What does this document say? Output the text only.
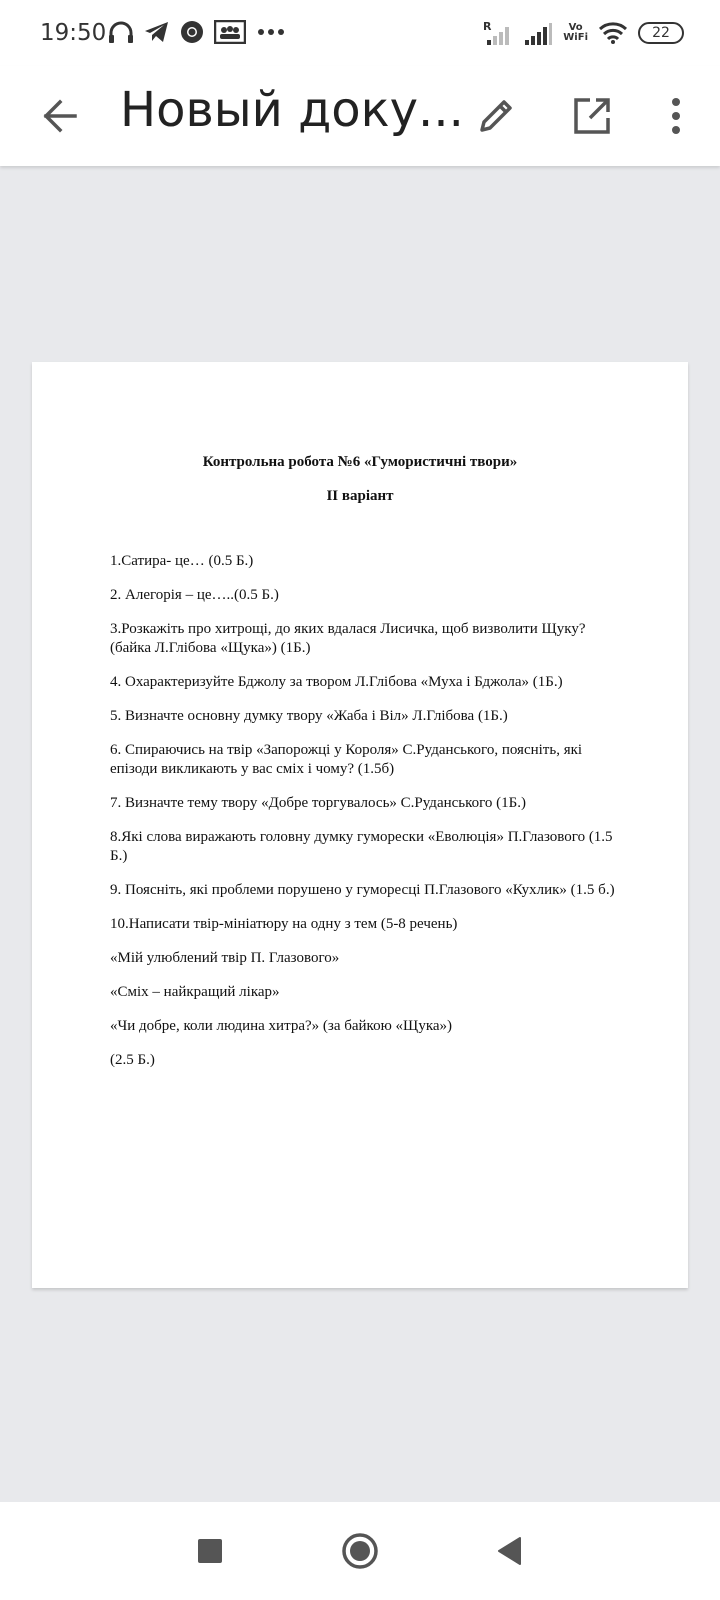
19:50	R	Vo
WiFi	22
Новый доку...
Контрольна робота №6 «Гумористичні твори»
ІІ варіант

1.Сатира- це… (0.5 Б.)

2. Алегорія – це…..(0.5 Б.)

3.Розкажіть про хитрощі, до яких вдалася Лисичка, щоб визволити Щуку? (байка Л.Глібова «Щука») (1Б.)

4. Охарактеризуйте Бджолу за твором Л.Глібова «Муха і Бджола» (1Б.)

5. Визначте основну думку твору «Жаба і Віл» Л.Глібова (1Б.)

6. Спираючись на твір «Запорожці у Короля» С.Руданського, поясніть, які епізоди викликають у вас сміх і чому? (1.5б)

7. Визначте тему твору «Добре торгувалось» С.Руданського (1Б.)

8.Які слова виражають головну думку гуморески «Еволюція» П.Глазового (1.5 Б.)

9. Поясніть, які проблеми порушено у гуморесці П.Глазового «Кухлик» (1.5 б.)

10.Написати твір-мініатюру на одну з тем (5-8 речень)

«Мій улюблений твір П. Глазового»

«Сміх – найкращий лікар»

«Чи добре, коли людина хитра?» (за байкою «Щука»)

(2.5 Б.)
